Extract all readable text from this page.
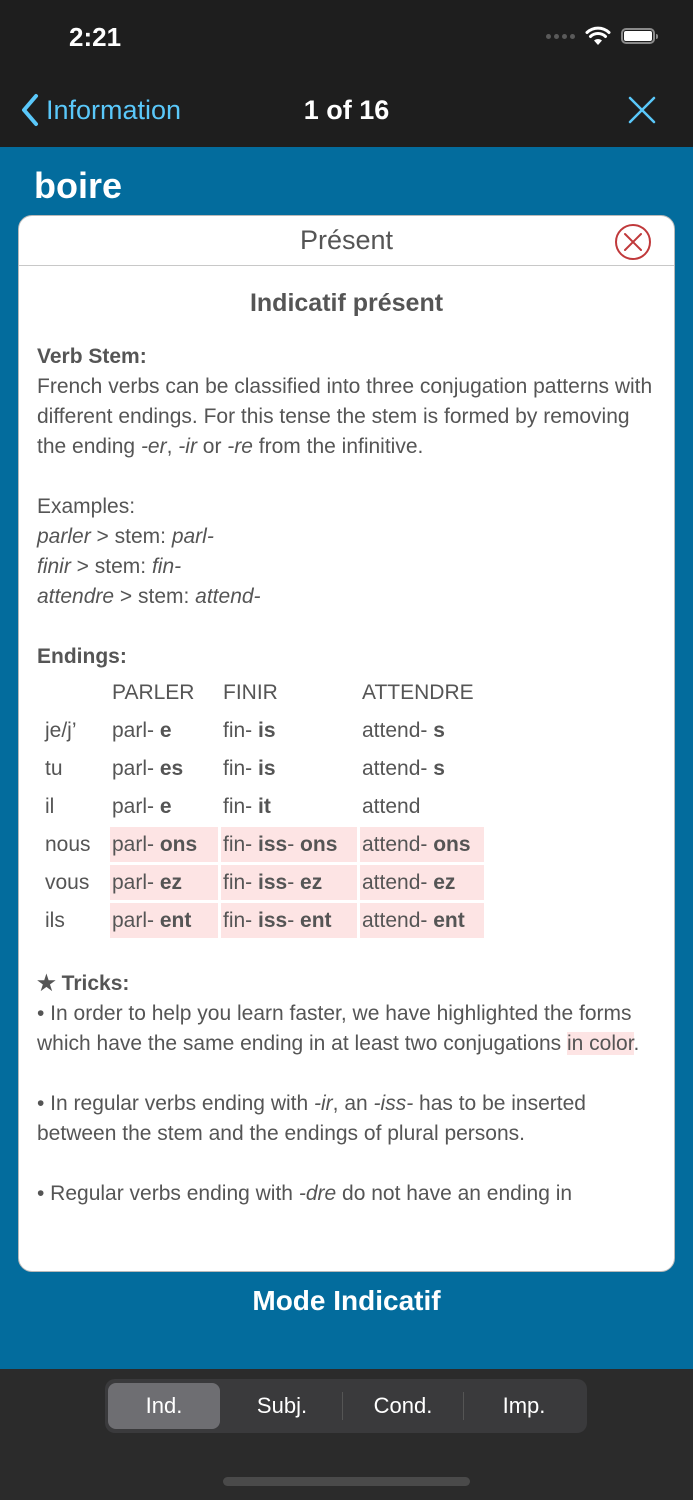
2:21
Information	1 of 16
boire
Présent
Indicatif présent
Verb Stem:
French verbs can be classified into three conjugation patterns with different endings. For this tense the stem is formed by removing the ending -er, -ir or -re from the infinitive.
Examples:
parler > stem: parl-
finir > stem: fin-
attendre > stem: attend-
Endings:
	PARLER	FINIR	ATTENDRE
je/j’	parl- e	fin- is	attend- s
tu	parl- es	fin- is	attend- s
il	parl- e	fin- it	attend
nous	parl- ons	fin- iss- ons	attend- ons
vous	parl- ez	fin- iss- ez	attend- ez
ils	parl- ent	fin- iss- ent	attend- ent
★ Tricks:
• In order to help you learn faster, we have highlighted the forms which have the same ending in at least two conjugations in color.
• In regular verbs ending with -ir, an -iss- has to be inserted between the stem and the endings of plural persons.
• Regular verbs ending with -dre do not have an ending in
Mode Indicatif
Ind.	Subj.	Cond.	Imp.
